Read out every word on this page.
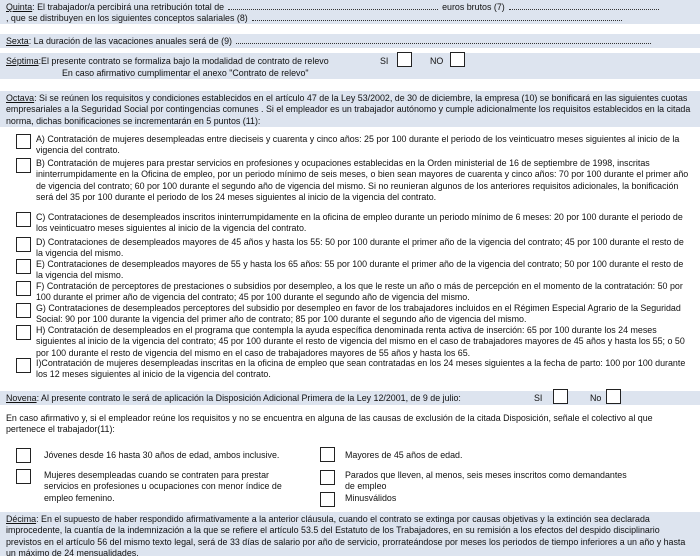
Quinta: El trabajador/a percibirá una retribución total de	euros brutos (7)
, que se distribuyen en los siguientes conceptos salariales (8)
Sexta: La duración de las vacaciones anuales será de (9)
Séptima:El presente contrato se formaliza bajo la modalidad de contrato de relevo	SI	NO
En caso afirmativo cumplimentar el anexo "Contrato de relevo"
Octava: Si se reúnen los requisitos y condiciones establecidos en el artículo 47 de la Ley 53/2002, de 30 de diciembre, la empresa (10) se bonificará en las siguientes cuotas empresariales a la Seguridad Social por contingencias comunes . Si el empleador es un trabajador autónomo y cumple adicionalmente los requisitos establecidos en la citada norma, dichas bonificaciones se incrementarán en 5 puntos (11):
A) Contratación de mujeres desempleadas entre dieciseis y cuarenta y cinco años: 25 por 100 durante el periodo de los veinticuatro meses siguientes al inicio de la vigencia del contrato.
B) Contratación de mujeres para prestar servicios en profesiones y ocupaciones establecidas en la Orden ministerial de 16 de septiembre de 1998, inscritas ininterrumpidamente en la Oficina de empleo, por un periodo mínimo de seis meses, o bien sean mayores de cuarenta y cinco años: 70 por 100 durante el primer año de vigencia del contrato; 60 por 100 durante el segundo año de vigencia del mismo. Si no reunieran algunos de los anteriores requisitos adicionales, la bonificación será del 35 por 100 durante el periodo de los 24 meses siguientes al inicio de la vigencia del contrato.
C) Contrataciones de desempleados inscritos ininterrumpidamente en la oficina de empleo durante un periodo mínimo de 6 meses: 20 por 100 durante el periodo de los veinticuatro meses siguientes al inicio de la vigencia del contrato.
D) Contrataciones de desempleados mayores de 45 años y hasta los 55: 50 por 100 durante el primer año de la vigencia del contrato; 45 por 100 durante el resto de la vigencia del mismo.
E) Contrataciones de desempleados mayores de 55 y hasta los 65 años: 55 por 100 durante el primer año de la vigencia del contrato; 50 por 100 durante el resto de la vigencia del mismo.
F) Contratación de perceptores de prestaciones o subsidios por desempleo, a los que le reste un año o más de percepción en el momento de la contratación: 50 por 100 durante el primer año de vigencia del contrato; 45 por 100 durante el segundo año de vigencia del mismo.
G) Contrataciones de desempleados perceptores del subsidio por desempleo en favor de los trabajadores incluidos en el Régimen Especial Agrario de la Seguridad Social: 90 por 100 durante la vigencia del primer año de contrato; 85 por 100 durante el segundo año de vigencia del mismo.
H) Contratación de desempleados en el programa que contempla la ayuda específica denominada renta activa de inserción: 65 por 100 durante los 24 meses siguientes al inicio de la vigencia del contrato; 45 por 100 durante el resto de vigencia del mismo en el caso de trabajadores mayores de 45 años y hasta los 55; o 50 por 100 durante el resto de vigencia del mismo en el caso de trabajadores mayores de 55 años y hasta los 65.
I)Contratación de mujeres desempleadas inscritas en la oficina de empleo que sean contratadas en los 24 meses siguientes a la fecha de parto: 100 por 100 durante los 12 meses siguientes al inicio de la vigencia del contrato.
Novena: Al presente contrato le será de aplicación la Disposición Adicional Primera de la Ley 12/2001, de 9 de julio:	SI	No
En caso afirmativo y, si el empleador reúne los requisitos y no se encuentra en alguna de las causas de exclusión de la citada Disposición, señale el colectivo al que pertenece el trabajador(11):
Jóvenes desde 16 hasta 30 años de edad, ambos inclusive.	Mayores de 45 años de edad.
Mujeres desempleadas cuando se contraten para prestar servicios en profesiones u ocupaciones con menor índice de empleo femenino.
Parados que lleven, al menos, seis meses inscritos como demandantes de empleo
Minusválidos
Décima: En el supuesto de haber respondido afirmativamente a la anterior cláusula, cuando el contrato se extinga por causas objetivas y la extinción sea declarada improcedente, la cuantía de la indemnización a la que se refiere el artículo 53.5 del Estatuto de los Trabajadores, en su remisión a los efectos del despido disciplinario previstos en el artículo 56 del mismo texto legal, será de 33 días de salario por año de servicio, prorrateándose por meses los periodos de tiempo inferiores a un año y hasta un máximo de 24 mensualidades.
